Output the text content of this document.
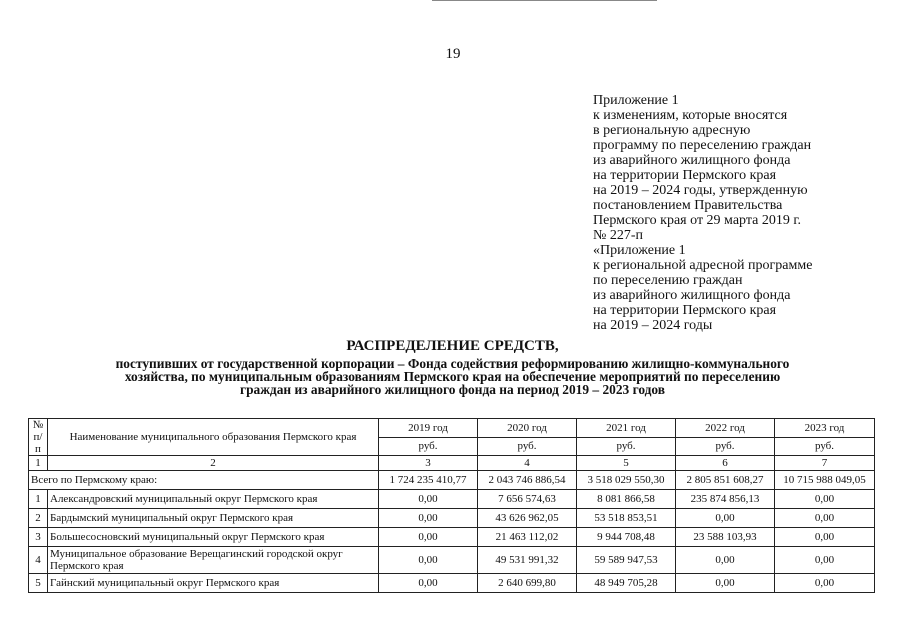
19
Приложение 1
к изменениям, которые вносятся
в региональную адресную
программу по переселению граждан
из аварийного жилищного фонда
на территории Пермского края
на 2019 – 2024 годы, утвержденную
постановлением Правительства
Пермского края от 29 марта 2019 г.
№ 227-п
«Приложение 1
к региональной адресной программе
по переселению граждан
из аварийного жилищного фонда
на территории Пермского края
на 2019 – 2024 годы
РАСПРЕДЕЛЕНИЕ СРЕДСТВ,
поступивших от государственной корпорации – Фонда содействия реформированию жилищно-коммунального
хозяйства, по муниципальным образованиям Пермского края на обеспечение мероприятий по переселению
граждан из аварийного жилищного фонда на период 2019 – 2023 годов
№ п/п	Наименование муниципального образования Пермского края	2019 год	2020 год	2021 год	2022 год	2023 год
		руб.	руб.	руб.	руб.	руб.
1	2	3	4	5	6	7
Всего по Пермскому краю:		1 724 235 410,77	2 043 746 886,54	3 518 029 550,30	2 805 851 608,27	10 715 988 049,05
1	Александровский муниципальный округ Пермского края	0,00	7 656 574,63	8 081 866,58	235 874 856,13	0,00
2	Бардымский муниципальный округ Пермского края	0,00	43 626 962,05	53 518 853,51	0,00	0,00
3	Большесосновский муниципальный округ Пермского края	0,00	21 463 112,02	9 944 708,48	23 588 103,93	0,00
4	Муниципальное образование Верещагинский городской округ Пермского края	0,00	49 531 991,32	59 589 947,53	0,00	0,00
5	Гайнский муниципальный округ Пермского края	0,00	2 640 699,80	48 949 705,28	0,00	0,00
